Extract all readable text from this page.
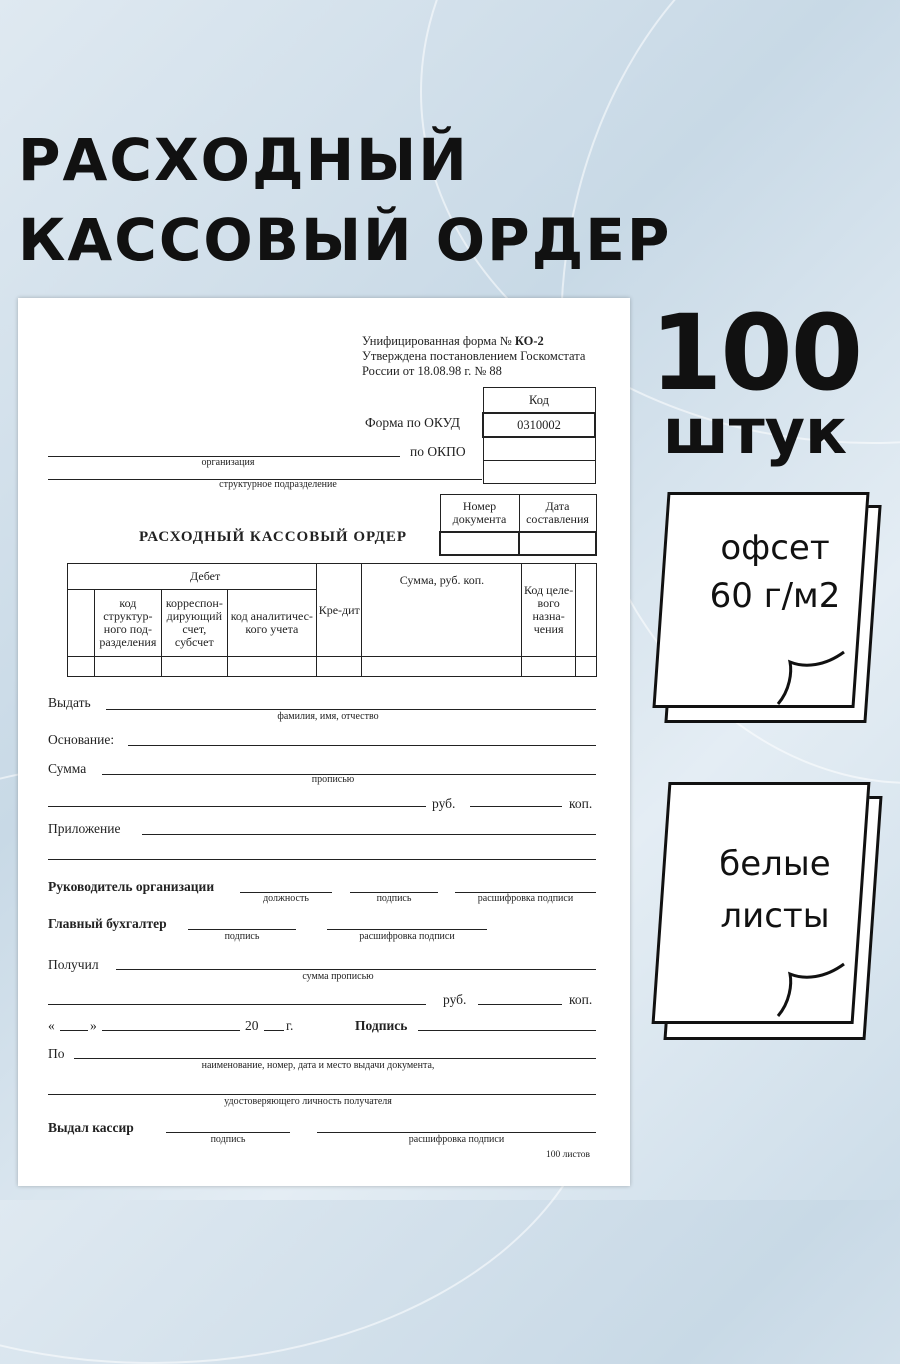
РАСХОДНЫЙ
КАССОВЫЙ ОРДЕР
100
штук
офсет
60 г/м2
белые
листы
Унифицированная форма № КО-2
Утверждена постановлением Госкомстата
России от 18.08.98 г. № 88
Код
0310002

Форма по ОКУД
по ОКПО
организация
структурное подразделение
Номер документа	Дата составления

РАСХОДНЫЙ КАССОВЫЙ ОРДЕР
	Дебет			Кре-дит	Сумма, руб. коп.	Код целе-вого назна-чения	
	код структур-ного под-разделения	корреспон-дирующий счет, субсчет	код аналитичес-кого учета				

Выдать
фамилия, имя, отчество
Основание:
Сумма
прописью
руб.	коп.
Приложение
Руководитель организации
должность	подпись	расшифровка подписи
Главный бухгалтер
подпись	расшифровка подписи
Получил
сумма прописью
руб.	коп.
«	»	20 г.	Подпись
По
наименование, номер, дата и место выдачи документа,
удостоверяющего личность получателя
Выдал кассир
подпись	расшифровка подписи
100 листов
